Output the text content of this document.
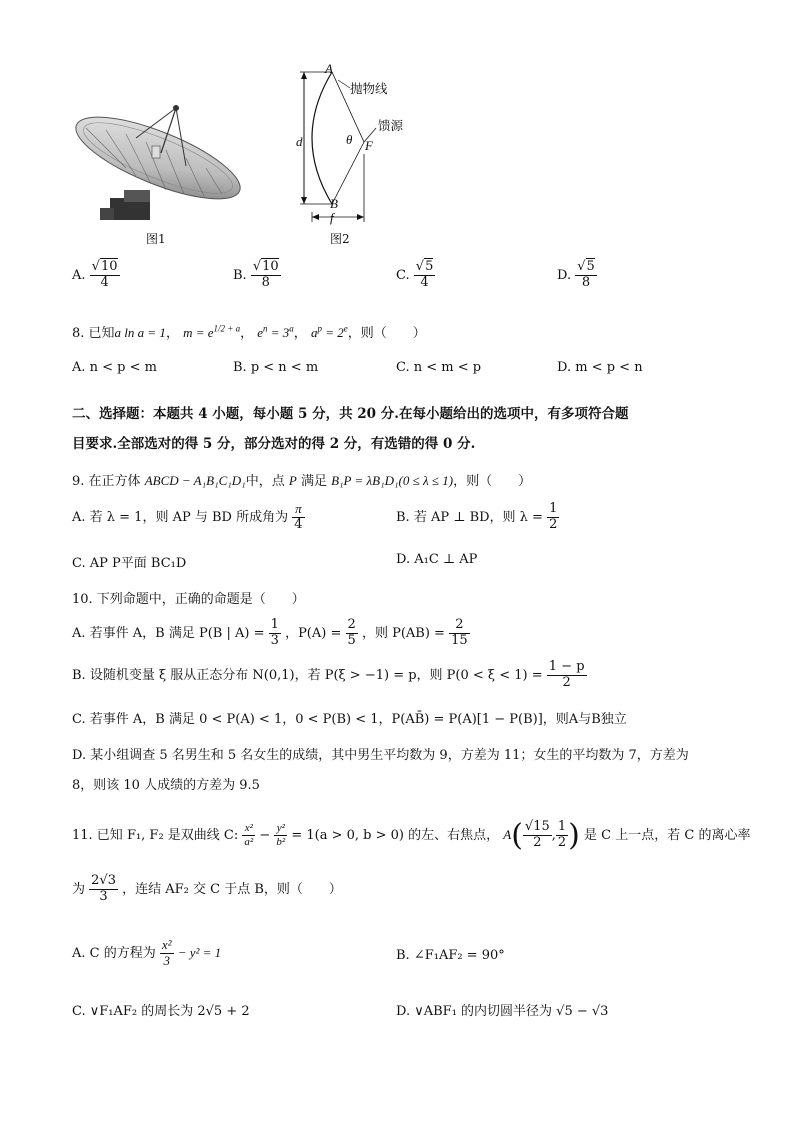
图1
A
抛物线
d	θ F
馈源
B
f
图2
A. $\frac{√10}{4}$	B. $\frac{√10}{8}$	C. $\frac{√5}{4}$	D. $\frac{√5}{8}$
8. 已知a ln a = 1， $m = e^{1/2 + a}$， $e^n = 3^a$， $a^p = 2^e$，则（　　）
A. n < p < m	B. p < n < m	C. n < m < p	D. m < p < n
二、选择题：本题共 4 小题，每小题 5 分，共 20 分.在每小题给出的选项中，有多项符合题
目要求.全部选对的得 5 分，部分选对的得 2 分，有选错的得 0 分.
9. 在正方体 ABCD − A₁B₁C₁D₁中，点 P 满足 B₁P = λB₁D₁(0 ≤ λ ≤ 1)，则（　　）
A. 若 λ = 1，则 AP 与 BD 所成角为 $\frac{\pi}{4}$	B. 若 AP ⊥ BD，则 $\lambda = \frac{1}{2}$
C. AP P平面 BC₁D	D. A₁C ⊥ AP
10. 下列命题中，正确的命题是（　　）
A. 若事件 A，B 满足 P(B | $A) = \frac{1}{3}$ ，$P(A) = \frac{2}{5}$ ，则 $P(AB) = \frac{2}{15}$
B. 设随机变量 ξ 服从正态分布 N(0,1)，若 P(ξ > −1) = p，则 $P(0 < \xi < 1) = \frac{1 - p}{2}$
C. 若事件 A，B 满足 0 < P(A) < 1，0 < P(B) < 1，P(AB̄) = P(A)[1 − P(B)]，则A与B独立
D. 某小组调查 5 名男生和 5 名女生的成绩，其中男生平均数为 9，方差为 11；女生的平均数为 7，方差为
8，则该 10 人成绩的方差为 9.5
11. 已知 F₁, F₂ 是双曲线 C: $\frac{\text{x²}}{\text{a²}} - \frac{\text{y²}}{\text{b²}} = 1(a > 0$, b > 0) 的左、右焦点， $A( \frac{√15}{2}$ , $\frac{1}{2}$ ) 是 C 上一点，若 C 的离心率
为 $\frac{2√3}{3}$ ，连结 AF₂ 交 C 于点 B，则（　　）
A. C 的方程为 $\frac{\text{x²}}{3} - y^2 = 1$	B. ∠F₁AF₂ = 90°
C. ∨F₁AF₂ 的周长为 2√5 + 2	D. ∨ABF₁ 的内切圆半径为 √5 − √3
